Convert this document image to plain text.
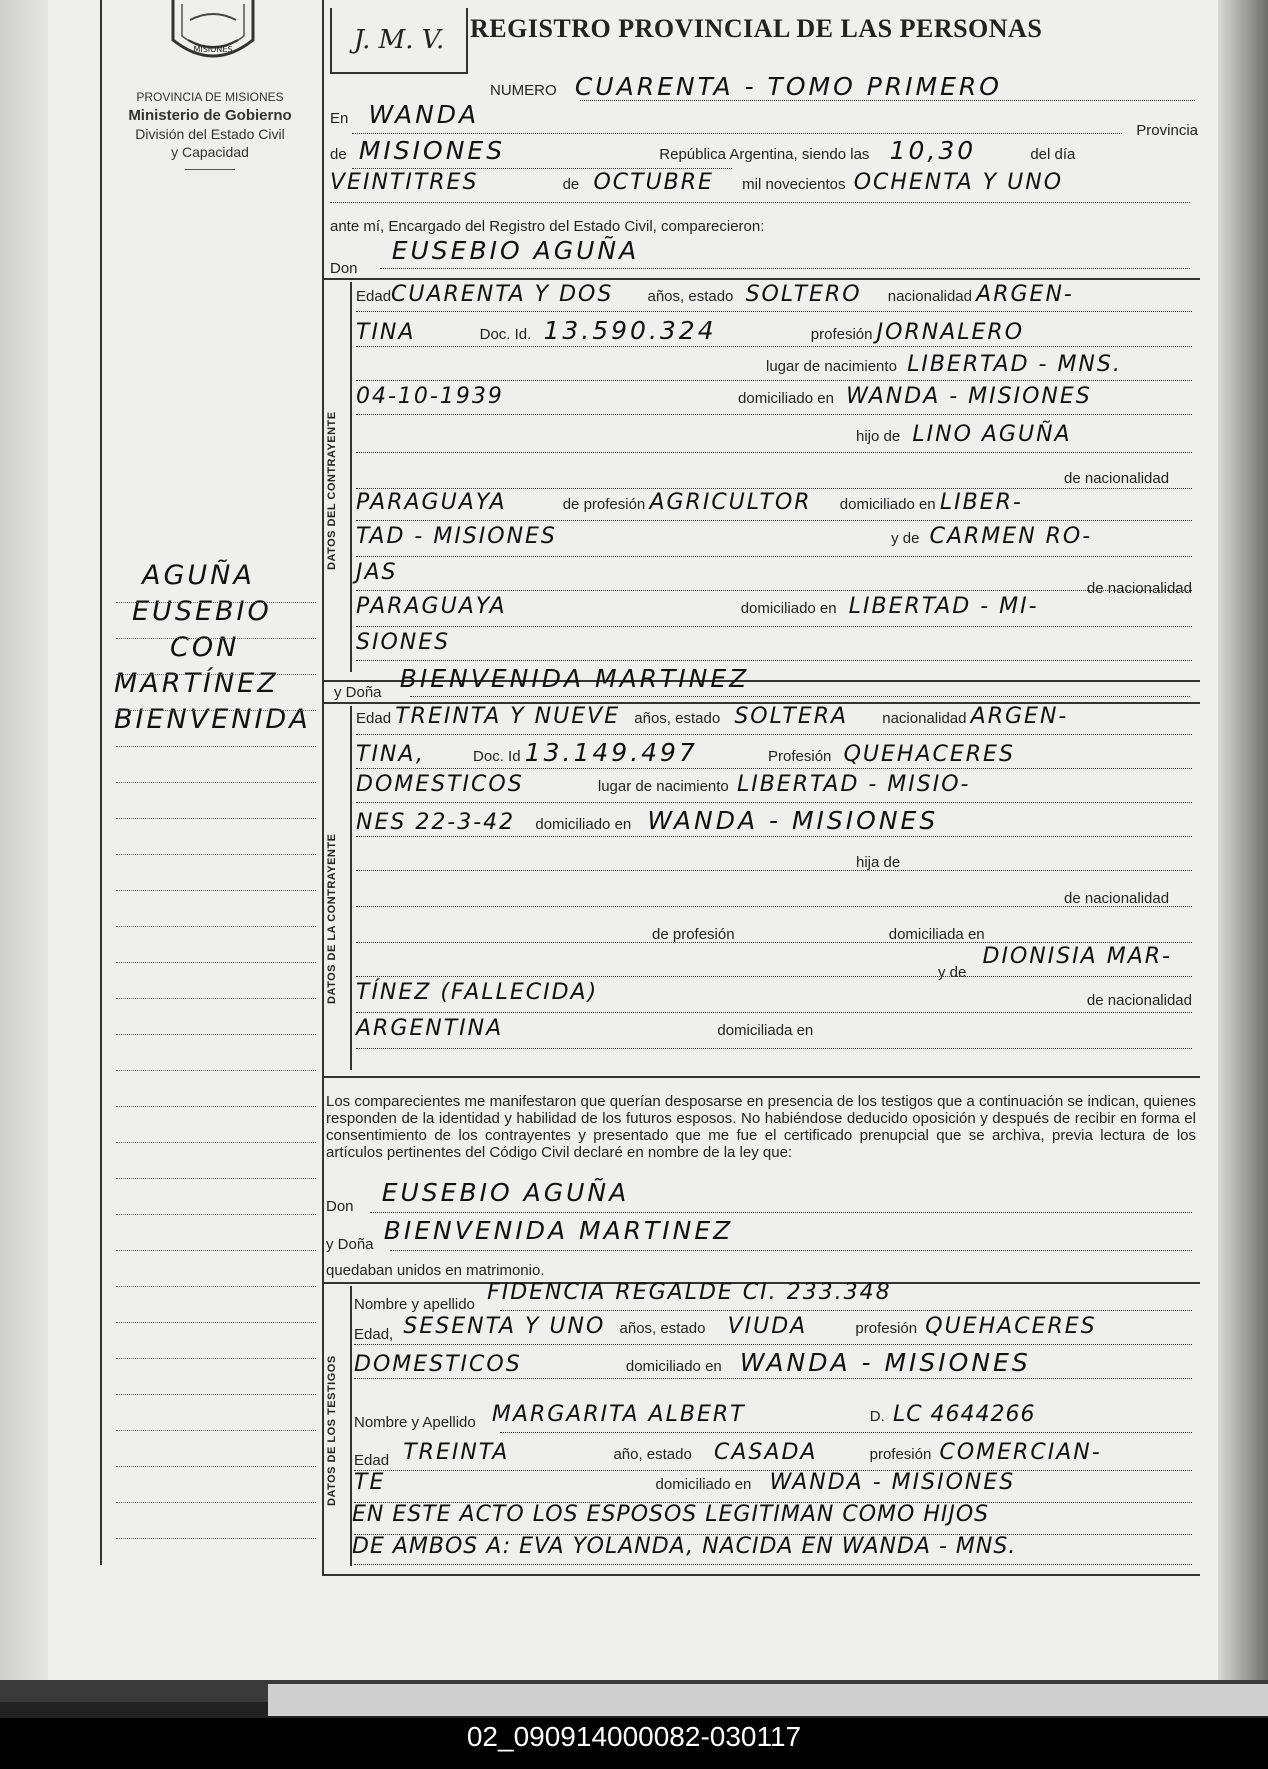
MISIONES
PROVINCIA DE MISIONES
Ministerio de Gobierno
División del Estado Civil
y Capacidad
AGUÑA
EUSEBIO
CON
MARTÍNEZ
BIENVENIDA
J. M. V. REGISTRO PROVINCIAL DE LAS PERSONAS
NUMERO CUARENTA - TOMO PRIMERO
En WANDA
Provincia
de MISIONES	República Argentina, siendo las 10,30	del día
VEINTITRES	de OCTUBRE mil novecientos OCHENTA Y UNO
ante mí, Encargado del Registro del Estado Civil, comparecieron:
Don EUSEBIO AGUÑA
DATOS DEL CONTRAYENTE
EdadCUARENTA Y DOS años, estado SOLTERO nacionalidad ARGEN-
TINA	Doc. Id. 13.590.324	profesión JORNALERO
lugar de nacimiento LIBERTAD - MNS.
04-10-1939	domiciliado en WANDA - MISIONES
hijo de LINO AGUÑA
de nacionalidad
PARAGUAYA	de profesión AGRICULTOR domiciliado en LIBER-
TAD - MISIONES	y de CARMEN RO-
JAS
de nacionalidad
PARAGUAYA	domiciliado en LIBERTAD - MI-
SIONES
y Doña BIENVENIDA MARTINEZ
DATOS DE LA CONTRAYENTE
Edad TREINTA Y NUEVE años, estado SOLTERA nacionalidad ARGEN-
TINA,	Doc. Id 13.149.497	Profesión QUEHACERES
DOMESTICOS	lugar de nacimiento LIBERTAD - MISIO-
NES 22-3-42 domiciliado en WANDA - MISIONES
hija de
de nacionalidad
de profesión	domiciliada en
y de DIONISIA MAR-
TÍNEZ (FALLECIDA)	de nacionalidad
ARGENTINA	domiciliada en
Los comparecientes me manifestaron que querían desposarse en presencia de los testigos que a continuación se indican, quienes responden de la identidad y habilidad de los futuros esposos. No habiéndose deducido oposición y después de recibir en forma el consentimiento de los contrayentes y presentado que me fue el certificado prenupcial que se archiva, previa lectura de los artículos pertinentes del Código Civil declaré en nombre de la ley que:
Don EUSEBIO AGUÑA
y Doña BIENVENIDA MARTINEZ
quedaban unidos en matrimonio.
DATOS DE LOS TESTIGOS
Nombre y apellido FIDENCIA REGALDE CI. 233.348
Edad, SESENTA Y UNO años, estado VIUDA	profesión QUEHACERES
DOMESTICOS	domiciliado en WANDA - MISIONES
Nombre y Apellido MARGARITA ALBERT	D. LC 4644266
Edad TREINTA	año, estado CASADA	profesión COMERCIAN-
TE	domiciliado en WANDA - MISIONES
EN ESTE ACTO LOS ESPOSOS LEGITIMAN COMO HIJOS
DE AMBOS A: EVA YOLANDA, NACIDA EN WANDA - MNS.
02_090914000082-030117
